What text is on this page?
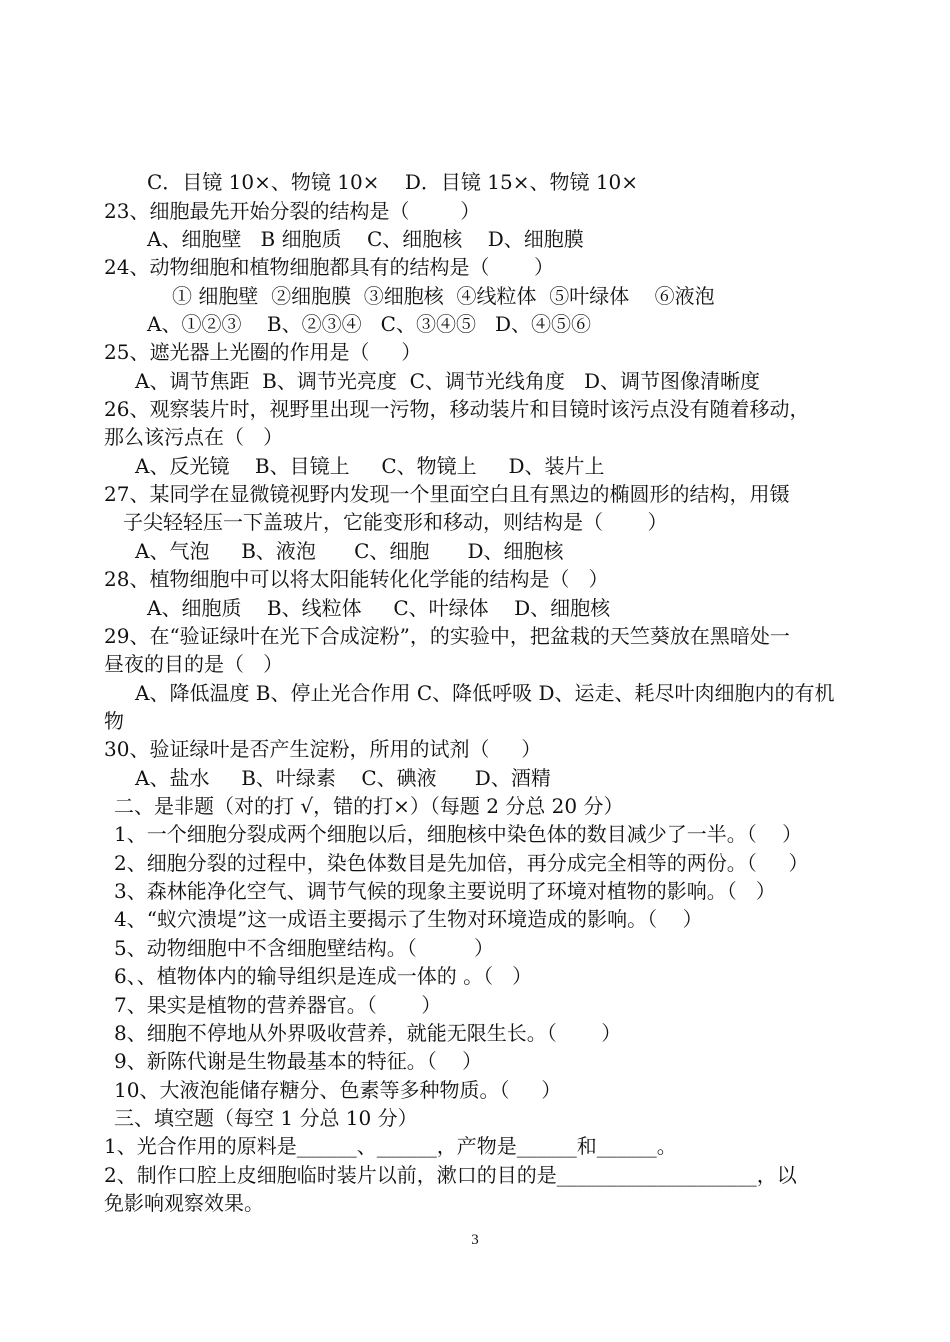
C．目镜 10×、物镜 10×    D．目镜 15×、物镜 10×
23、细胞最先开始分裂的结构是（        ）
A、细胞壁   B 细胞质    C、细胞核    D、细胞膜
24、动物细胞和植物细胞都具有的结构是（       ）
① 细胞壁  ②细胞膜  ③细胞核  ④线粒体  ⑤叶绿体    ⑥液泡
A、①②③    B、②③④   C、③④⑤   D、④⑤⑥
25、遮光器上光圈的作用是（     ）
A、调节焦距  B、调节光亮度  C、调节光线角度   D、调节图像清晰度
26、观察装片时，视野里出现一污物，移动装片和目镜时该污点没有随着移动，
那么该污点在（   ）
A、反光镜    B、目镜上     C、物镜上     D、装片上
27、某同学在显微镜视野内发现一个里面空白且有黑边的椭圆形的结构，用镊
子尖轻轻压一下盖玻片，它能变形和移动，则结构是（       ）
A、气泡     B、液泡      C、细胞      D、细胞核
28、植物细胞中可以将太阳能转化化学能的结构是（   ）
A、细胞质    B、线粒体     C、叶绿体    D、细胞核
29、在“验证绿叶在光下合成淀粉”，的实验中，把盆栽的天竺葵放在黑暗处一
昼夜的目的是（   ）
A、降低温度 B、停止光合作用 C、降低呼吸 D、运走、耗尽叶肉细胞内的有机
物
30、验证绿叶是否产生淀粉，所用的试剂（     ）
A、盐水     B、叶绿素    C、碘液      D、酒精
二、是非题（对的打 √，错的打×）（每题 2 分总 20 分）
1、一个细胞分裂成两个细胞以后，细胞核中染色体的数目减少了一半。（    ）
2、细胞分裂的过程中，染色体数目是先加倍，再分成完全相等的两份。（     ）
3、森林能净化空气、调节气候的现象主要说明了环境对植物的影响。（   ）
4、“蚁穴溃堤”这一成语主要揭示了生物对环境造成的影响。（    ）
5、动物细胞中不含细胞壁结构。（         ）
6、、植物体内的输导组织是连成一体的 。（   ）
7、果实是植物的营养器官。（       ）
8、细胞不停地从外界吸收营养，就能无限生长。（       ）
9、新陈代谢是生物最基本的特征。（    ）
10、大液泡能储存糖分、色素等多种物质。（     ）
三、填空题（每空 1 分总 10 分）
1、光合作用的原料是______、______，产物是______和______。
2、制作口腔上皮细胞临时装片以前，漱口的目的是____________________，以
免影响观察效果。
3
